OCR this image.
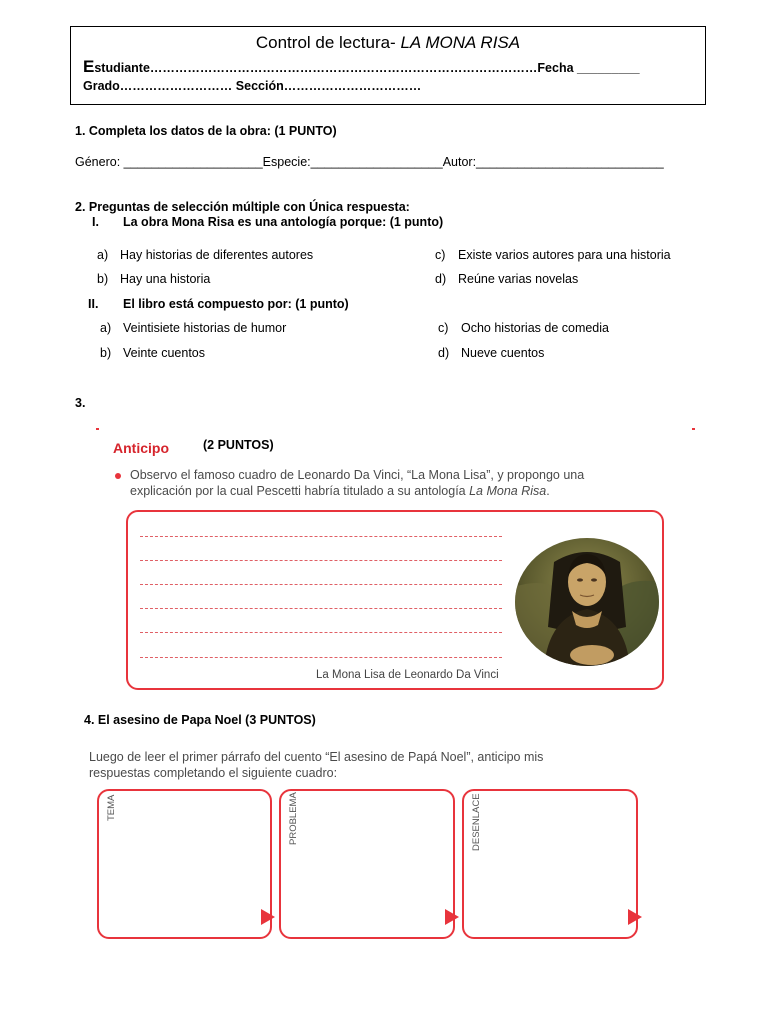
Control de lectura- LA MONA RISA
Estudiante…………………………………………………………………………………Fecha _________
Grado……………………… Sección……………………………
1. Completa los datos de la obra: (1 PUNTO)
Género: ____________________Especie:___________________Autor:___________________________
2. Preguntas de selección múltiple con Única respuesta:
I. La obra Mona Risa es una antología porque: (1 punto)
a) Hay historias de diferentes autores	c) Existe varios autores para una historia
b) Hay una historia	d) Reúne varias novelas
II. El libro está compuesto por: (1 punto)
a) Veintisiete historias de humor	c) Ocho historias de comedia
b) Veinte cuentos	d) Nueve cuentos
3.
Anticipo	(2 PUNTOS)
Observo el famoso cuadro de Leonardo Da Vinci, “La Mona Lisa”, y propongo una
explicación por la cual Pescetti habría titulado a su antología La Mona Risa.
La Mona Lisa de Leonardo Da Vinci
4. El asesino de Papa Noel (3 PUNTOS)
Luego de leer el primer párrafo del cuento “El asesino de Papá Noel”, anticipo mis
respuestas completando el siguiente cuadro:
TEMA	PROBLEMA	DESENLACE
